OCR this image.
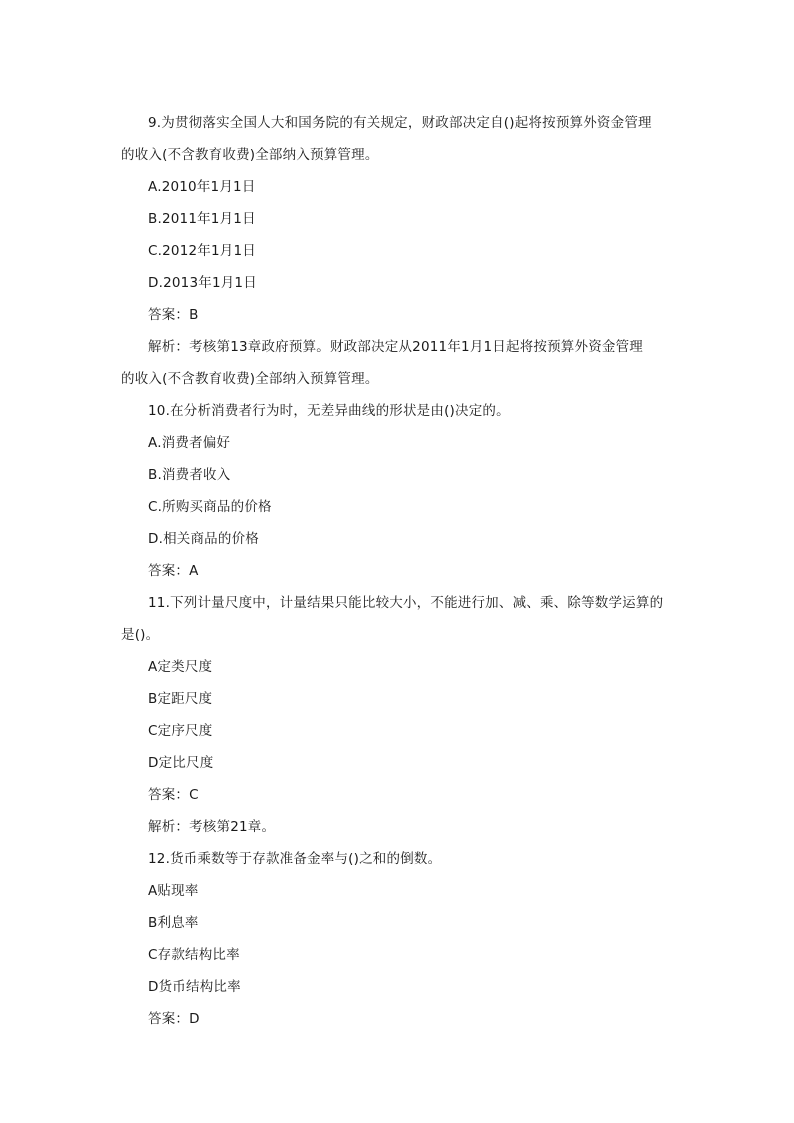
9.为贯彻落实全国人大和国务院的有关规定，财政部决定自()起将按预算外资金管理
的收入(不含教育收费)全部纳入预算管理。
A.2010年1月1日
B.2011年1月1日
C.2012年1月1日
D.2013年1月1日
答案：B
解析：考核第13章政府预算。财政部决定从2011年1月1日起将按预算外资金管理
的收入(不含教育收费)全部纳入预算管理。
10.在分析消费者行为时，无差异曲线的形状是由()决定的。
A.消费者偏好
B.消费者收入
C.所购买商品的价格
D.相关商品的价格
答案：A
11.下列计量尺度中，计量结果只能比较大小，不能进行加、减、乘、除等数学运算的
是()。
A定类尺度
B定距尺度
C定序尺度
D定比尺度
答案：C
解析：考核第21章。
12.货币乘数等于存款准备金率与()之和的倒数。
A贴现率
B利息率
C存款结构比率
D货币结构比率
答案：D
